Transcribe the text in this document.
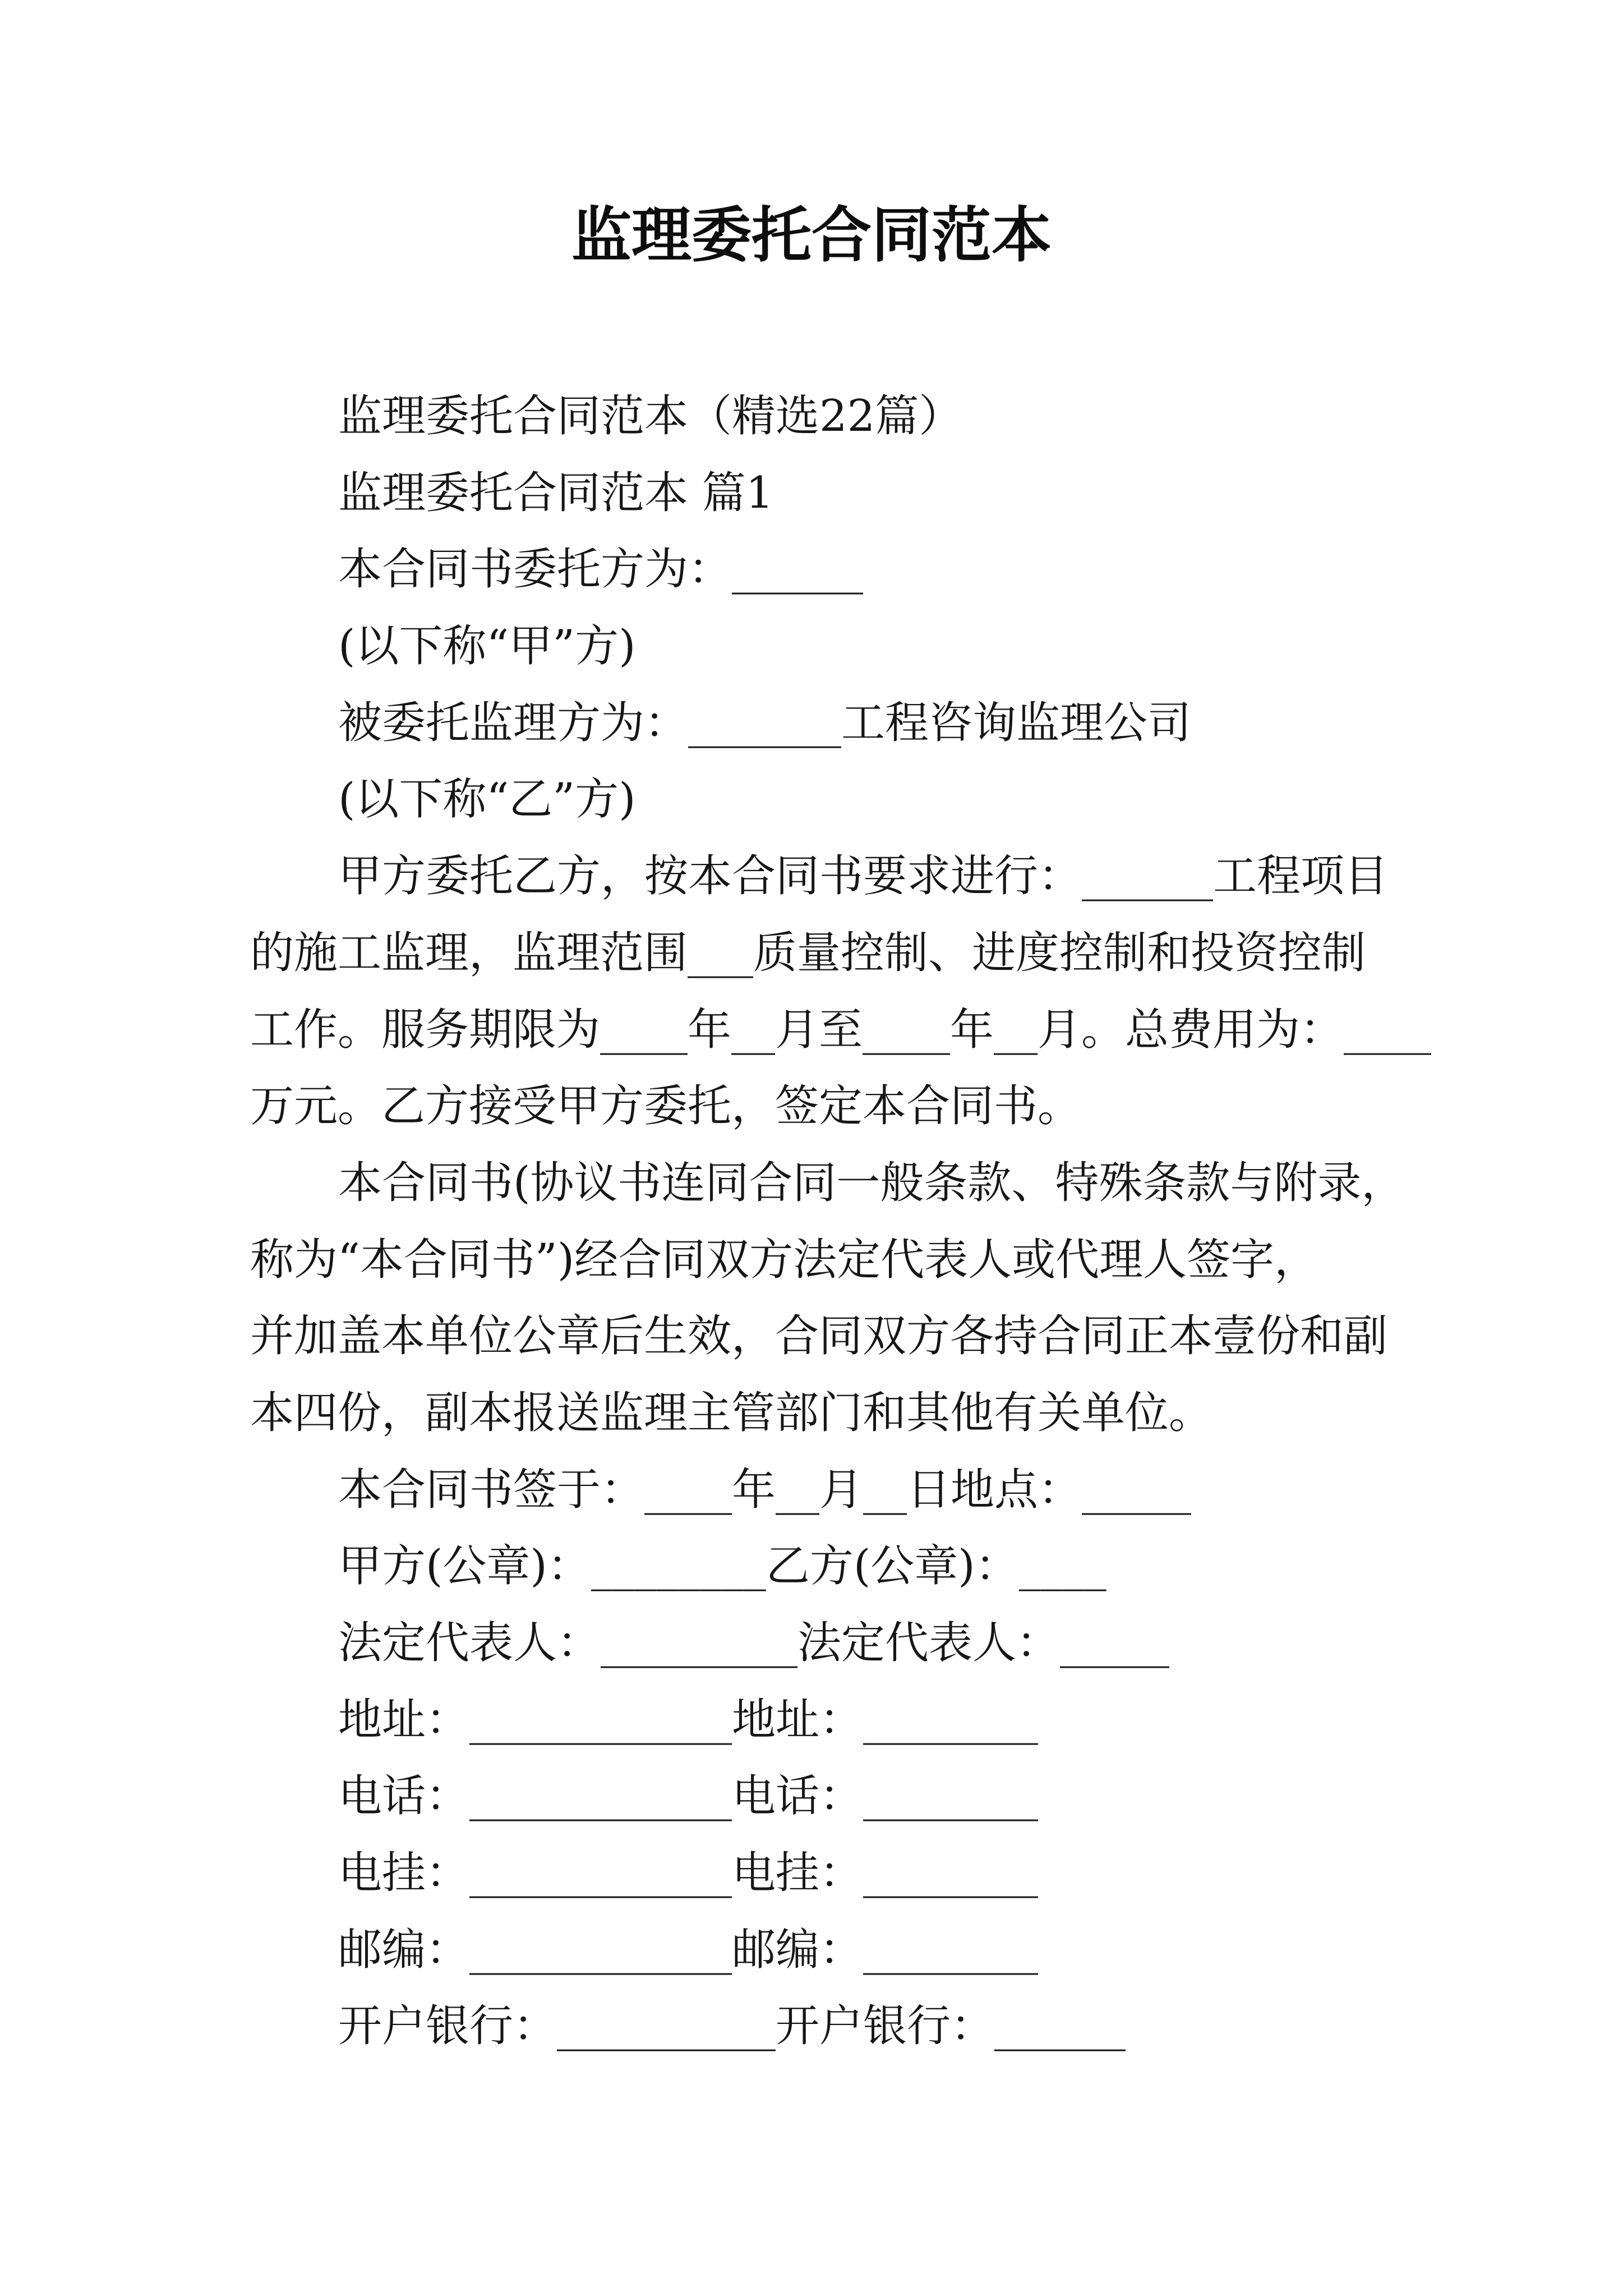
监理委托合同范本
监理委托合同范本（精选22篇）
监理委托合同范本 篇1
本合同书委托方为：______
(以下称“甲”方)
被委托监理方为：_______工程咨询监理公司
(以下称“乙”方)
甲方委托乙方，按本合同书要求进行：______工程项目
的施工监理，监理范围___质量控制、进度控制和投资控制
工作。服务期限为____年__月至____年__月。总费用为：____
万元。乙方接受甲方委托，签定本合同书。
本合同书(协议书连同合同一般条款、特殊条款与附录，
称为“本合同书”)经合同双方法定代表人或代理人签字，
并加盖本单位公章后生效，合同双方各持合同正本壹份和副
本四份，副本报送监理主管部门和其他有关单位。
本合同书签于：____年__月__日地点：_____
甲方(公章)：________乙方(公章)：____
法定代表人：_________法定代表人：_____
地址：____________地址：________
电话：____________电话：________
电挂：____________电挂：________
邮编：____________邮编：________
开户银行：__________开户银行：______
